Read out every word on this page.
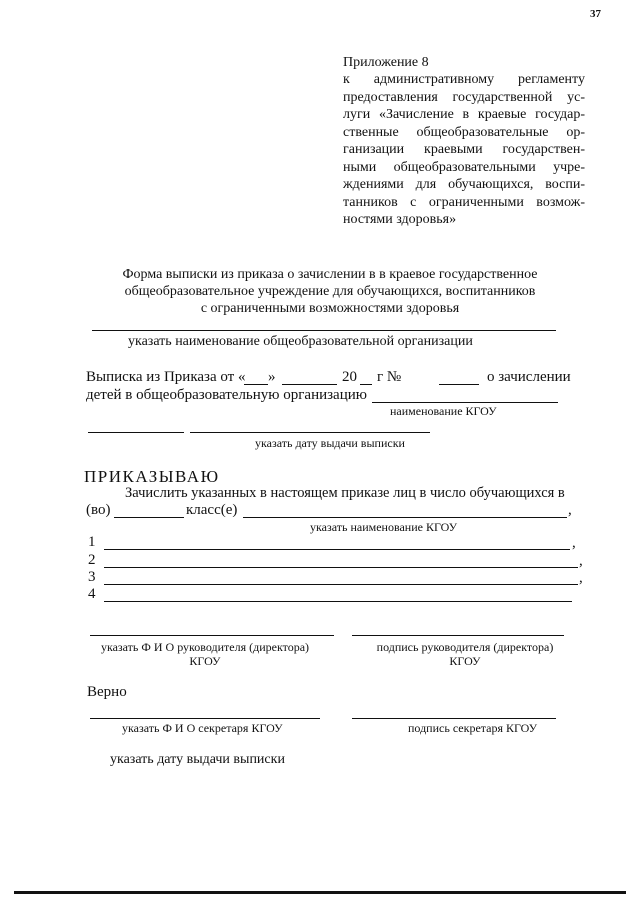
37
Приложение 8
к административному регламенту
предоставления государственной ус-
луги «Зачисление в краевые государ-
ственные общеобразовательные ор-
ганизации краевыми государствен-
ными общеобразовательными учре-
ждениями для обучающихся, воспи-
танников с ограниченными возмож-
ностями здоровья»
Форма выписки из приказа о зачислении в в краевое государственное
общеобразовательное учреждение для обучающихся, воспитанников
с ограниченными возможностями здоровья
указать наименование общеобразовательной организации
Выписка из Приказа от « »	20 г №	о зачислении
детей в общеобразовательную организацию
наименование КГОУ
указать дату выдачи выписки
ПРИКАЗЫВАЮ
Зачислить указанных в настоящем приказе лиц в число обучающихся в
(во)	класс(е)	,
указать наименование КГОУ
1	,
2	,
3	,
4
указать Ф И О руководителя (директора)
КГОУ
подпись руководителя (директора)
КГОУ
Верно
указать Ф И О секретаря КГОУ	подпись секретаря КГОУ
указать дату выдачи выписки
